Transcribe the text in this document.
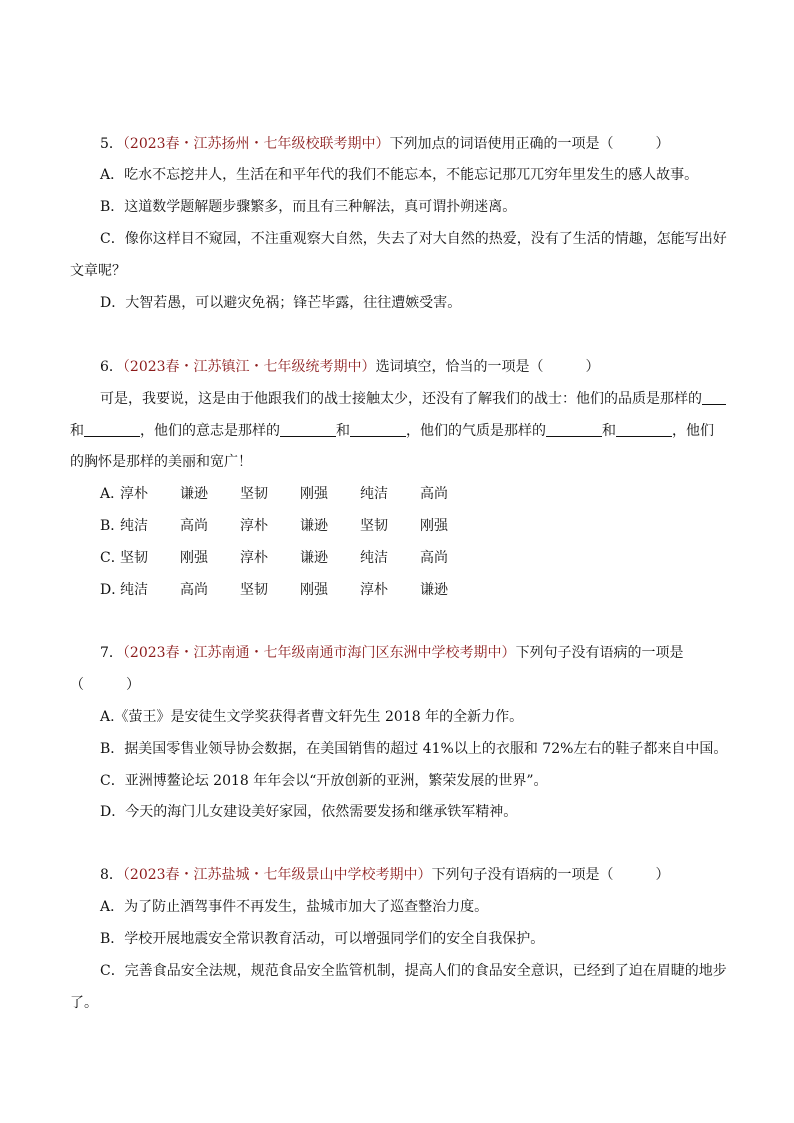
5．（2023春・江苏扬州・七年级校联考期中）下列加点的词语使用正确的一项是（　　　）
A．吃水不忘挖井人，生活在和平年代的我们不能忘本，不能忘记那兀兀穷年里发生的感人故事。
B．这道数学题解题步骤繁多，而且有三种解法，真可谓扑朔迷离。
C．像你这样目不窥园，不注重观察大自然，失去了对大自然的热爱，没有了生活的情趣，怎能写出好
文章呢？
D．大智若愚，可以避灾免祸；锋芒毕露，往往遭嫉受害。
6．（2023春・江苏镇江・七年级统考期中）选词填空，恰当的一项是（　　　）
可是，我要说，这是由于他跟我们的战士接触太少，还没有了解我们的战士：他们的品质是那样的
和	，他们的意志是那样的	和	，他们的气质是那样的	和	，他们
的胸怀是那样的美丽和宽广！
A．淳朴 谦逊 坚韧 刚强 纯洁 高尚
B．纯洁 高尚 淳朴 谦逊 坚韧 刚强
C．坚韧 刚强 淳朴 谦逊 纯洁 高尚
D．纯洁 高尚 坚韧 刚强 淳朴 谦逊
7．（2023春・江苏南通・七年级南通市海门区东洲中学校考期中）下列句子没有语病的一项是
（　　　）
A.《萤王》是安徒生文学奖获得者曹文轩先生 2018 年的全新力作。
B．据美国零售业领导协会数据，在美国销售的超过 41%以上的衣服和 72%左右的鞋子都来自中国。
C．亚洲博鳌论坛 2018 年年会以“开放创新的亚洲，繁荣发展的世界”。
D．今天的海门儿女建设美好家园，依然需要发扬和继承铁军精神。
8．（2023春・江苏盐城・七年级景山中学校考期中）下列句子没有语病的一项是（　　　）
A．为了防止酒驾事件不再发生，盐城市加大了巡查整治力度。
B．学校开展地震安全常识教育活动，可以增强同学们的安全自我保护。
C．完善食品安全法规，规范食品安全监管机制，提高人们的食品安全意识，已经到了迫在眉睫的地步
了。
